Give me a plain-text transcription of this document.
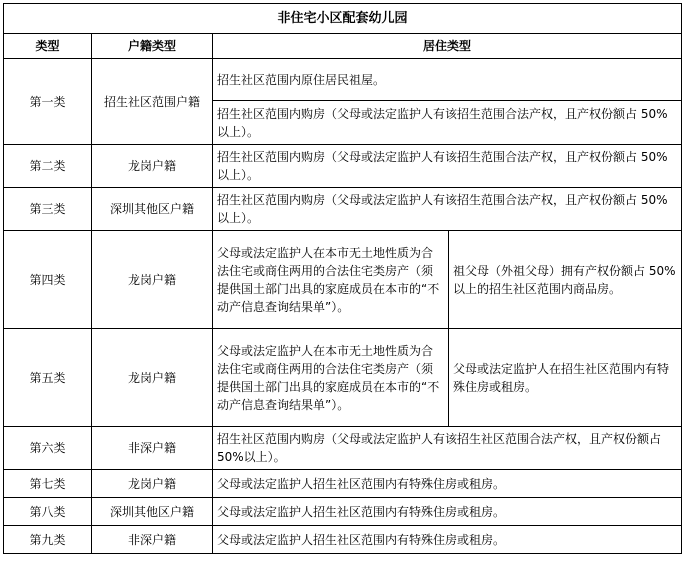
非住宅小区配套幼儿园			
类型	户籍类型	居住类型	
第一类	招生社区范围户籍	招生社区范围内原住居民祖屋。	
		招生社区范围内购房（父母或法定监护人有该招生范围合法产权，且产权份额占 50%以上）。	
第二类	龙岗户籍	招生社区范围内购房（父母或法定监护人有该招生范围合法产权，且产权份额占 50%以上）。	
第三类	深圳其他区户籍	招生社区范围内购房（父母或法定监护人有该招生范围合法产权，且产权份额占 50%以上）。	
第四类	龙岗户籍	父母或法定监护人在本市无土地性质为合法住宅或商住两用的合法住宅类房产（须提供国土部门出具的家庭成员在本市的“不动产信息查询结果单”）。	祖父母（外祖父母）拥有产权份额占 50%以上的招生社区范围内商品房。
第五类	龙岗户籍	父母或法定监护人在本市无土地性质为合法住宅或商住两用的合法住宅类房产（须提供国土部门出具的家庭成员在本市的“不动产信息查询结果单”）。	父母或法定监护人在招生社区范围内有特殊住房或租房。
第六类	非深户籍	招生社区范围内购房（父母或法定监护人有该招生社区范围合法产权，且产权份额占 50%以上）。	
第七类	龙岗户籍	父母或法定监护人招生社区范围内有特殊住房或租房。	
第八类	深圳其他区户籍	父母或法定监护人招生社区范围内有特殊住房或租房。	
第九类	非深户籍	父母或法定监护人招生社区范围内有特殊住房或租房。	
